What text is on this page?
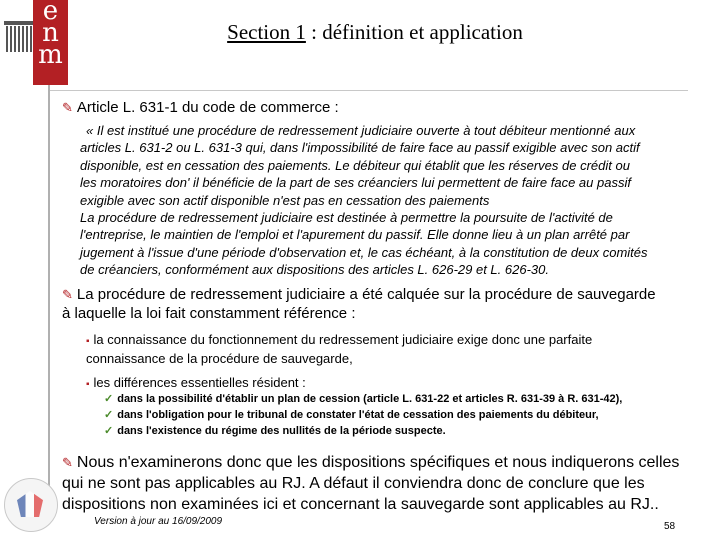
e
n
m
Section 1 : définition et application
✎ Article L. 631-1 du code de commerce :
« Il est institué une procédure de redressement judiciaire ouverte à tout débiteur mentionné aux
articles L. 631-2 ou L. 631-3 qui, dans l'impossibilité de faire face au passif exigible avec son actif
disponible, est en cessation des paiements. Le débiteur qui établit que les réserves de crédit ou
les moratoires don' il bénéficie de la part de ses créanciers lui permettent de faire face au passif
exigible avec son actif disponible n'est pas en cessation des paiements
La procédure de redressement judiciaire est destinée à permettre la poursuite de l'activité de
l'entreprise, le maintien de l'emploi et l'apurement du passif. Elle donne lieu à un plan arrêté par
jugement à l'issue d'une période d'observation et, le cas échéant, à la constitution de deux comités
de créanciers, conformément aux dispositions des articles L. 626-29 et L. 626-30.
✎ La procédure de redressement judiciaire a été calquée sur la procédure de sauvegarde
à laquelle la loi fait constamment référence :
▪ la connaissance du fonctionnement du redressement judiciaire exige donc une parfaite
connaissance de la procédure de sauvegarde,
▪ les différences essentielles résident :
✓ dans la possibilité d'établir un plan de cession (article L. 631-22 et articles R. 631-39 à R. 631-42),
✓ dans l'obligation pour le tribunal de constater l'état de cessation des paiements du débiteur,
✓ dans l'existence du régime des nullités de la période suspecte.
✎ Nous n'examinerons donc que les dispositions spécifiques et nous indiquerons celles
qui ne sont pas applicables au RJ. A défaut il conviendra donc de conclure que les
dispositions non examinées ici et concernant la sauvegarde sont applicables au RJ..
Version à jour au 16/09/2009	58
